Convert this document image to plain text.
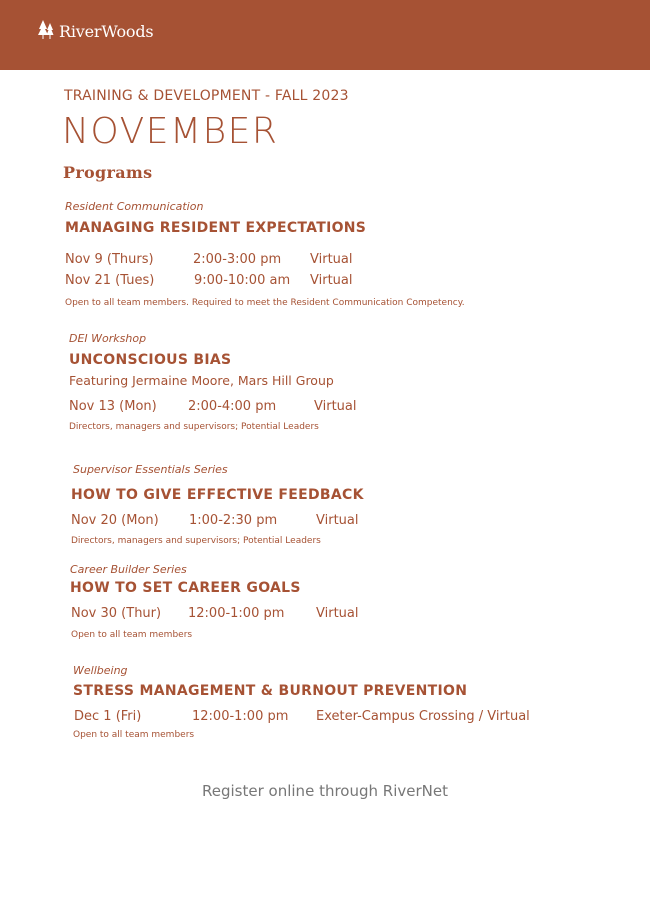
RiverWoods
TRAINING & DEVELOPMENT - FALL 2023
NOVEMBER
Programs
Resident Communication
MANAGING RESIDENT EXPECTATIONS
Nov 9 (Thurs)	2:00-3:00 pm Virtual
Nov 21 (Tues)	9:00-10:00 am Virtual
Open to all team members. Required to meet the Resident Communication Competency.
DEI Workshop
UNCONSCIOUS BIAS
Featuring Jermaine Moore, Mars Hill Group
Nov 13 (Mon) 2:00-4:00 pm	Virtual
Directors, managers and supervisors; Potential Leaders
Supervisor Essentials Series
HOW TO GIVE EFFECTIVE FEEDBACK
Nov 20 (Mon) 1:00-2:30 pm	Virtual
Directors, managers and supervisors; Potential Leaders
Career Builder Series
HOW TO SET CAREER GOALS
Nov 30 (Thur) 12:00-1:00 pm Virtual
Open to all team members
Wellbeing
STRESS MANAGEMENT & BURNOUT PREVENTION
Dec 1 (Fri)	12:00-1:00 pm Exeter-Campus Crossing / Virtual
Open to all team members
Register online through RiverNet
